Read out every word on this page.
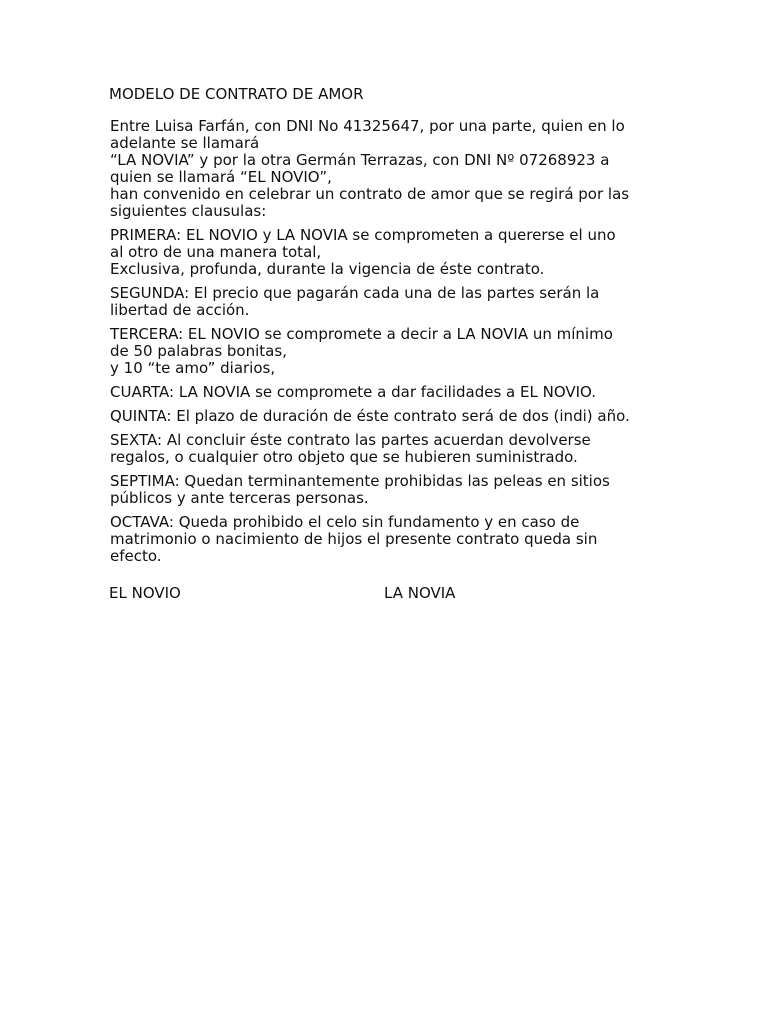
MODELO DE CONTRATO DE AMOR

Entre Luisa Farfán, con DNI No 41325647, por una parte, quien en lo
adelante se llamará
“LA NOVIA” y por la otra Germán Terrazas, con DNI Nº 07268923 a
quien se llamará “EL NOVIO”,
han convenido en celebrar un contrato de amor que se regirá por las
siguientes clausulas:

PRIMERA: EL NOVIO y LA NOVIA se comprometen a quererse el uno
al otro de una manera total,
Exclusiva, profunda, durante la vigencia de éste contrato.

SEGUNDA: El precio que pagarán cada una de las partes serán la
libertad de acción.

TERCERA: EL NOVIO se compromete a decir a LA NOVIA un mínimo
de 50 palabras bonitas,
y 10 “te amo” diarios,

CUARTA: LA NOVIA se compromete a dar facilidades a EL NOVIO.

QUINTA: El plazo de duración de éste contrato será de dos (indi) año.

SEXTA: Al concluir éste contrato las partes acuerdan devolverse
regalos, o cualquier otro objeto que se hubieren suministrado.

SEPTIMA: Quedan terminantemente prohibidas las peleas en sitios
públicos y ante terceras personas.

OCTAVA: Queda prohibido el celo sin fundamento y en caso de
matrimonio o nacimiento de hijos el presente contrato queda sin
efecto.

EL NOVIO	LA NOVIA
